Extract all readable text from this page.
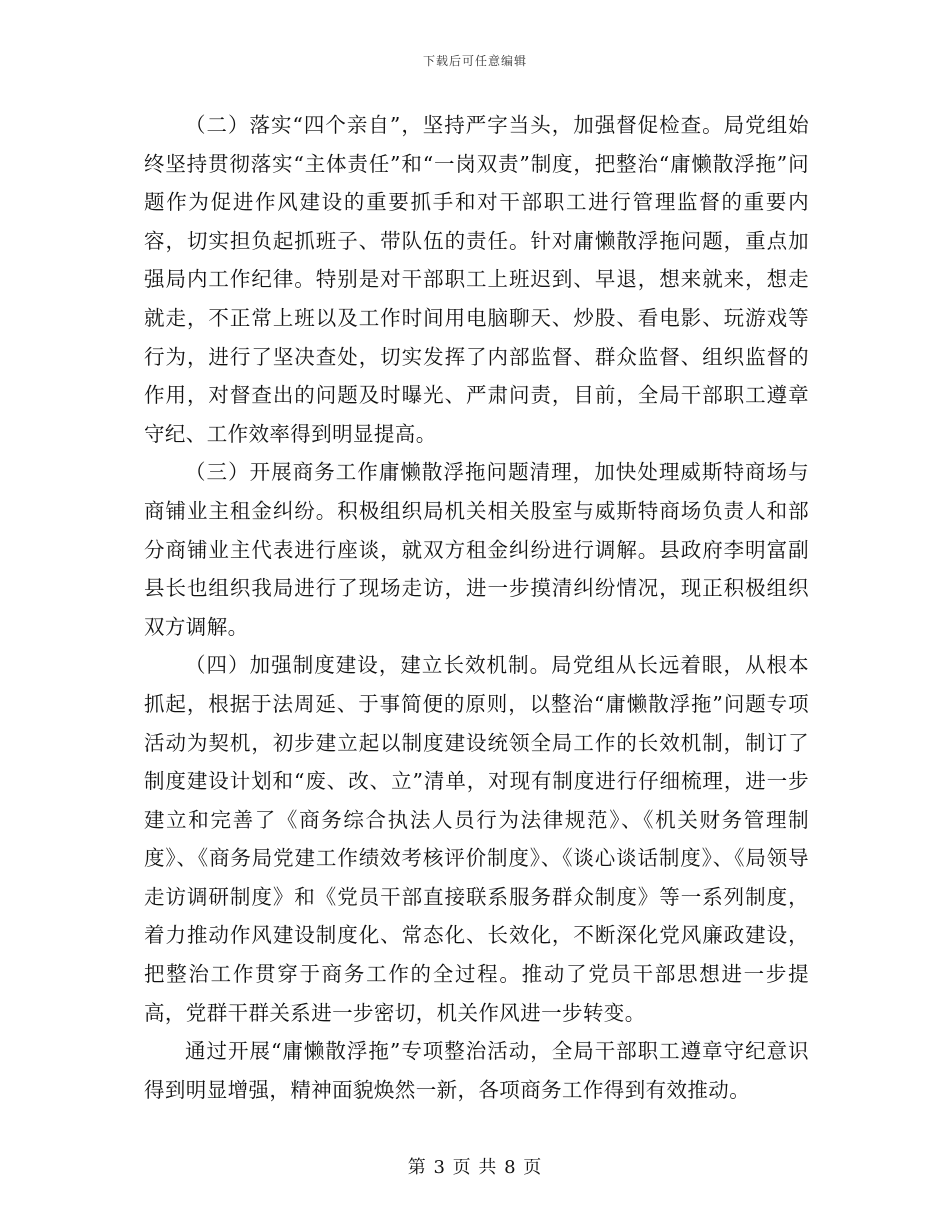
下载后可任意编辑

（二）落实“四个亲自”，坚持严字当头，加强督促检查。局党组始终坚持贯彻落实“主体责任”和“一岗双责”制度，把整治“庸懒散浮拖”问题作为促进作风建设的重要抓手和对干部职工进行管理监督的重要内容，切实担负起抓班子、带队伍的责任。针对庸懒散浮拖问题，重点加强局内工作纪律。特别是对干部职工上班迟到、早退，想来就来，想走就走，不正常上班以及工作时间用电脑聊天、炒股、看电影、玩游戏等行为，进行了坚决查处，切实发挥了内部监督、群众监督、组织监督的作用，对督查出的问题及时曝光、严肃问责，目前，全局干部职工遵章守纪、工作效率得到明显提高。

（三）开展商务工作庸懒散浮拖问题清理，加快处理威斯特商场与商铺业主租金纠纷。积极组织局机关相关股室与威斯特商场负责人和部分商铺业主代表进行座谈，就双方租金纠纷进行调解。县政府李明富副县长也组织我局进行了现场走访，进一步摸清纠纷情况，现正积极组织双方调解。

（四）加强制度建设，建立长效机制。局党组从长远着眼，从根本抓起，根据于法周延、于事简便的原则，以整治“庸懒散浮拖”问题专项活动为契机，初步建立起以制度建设统领全局工作的长效机制，制订了制度建设计划和“废、改、立”清单，对现有制度进行仔细梳理，进一步建立和完善了《商务综合执法人员行为法律规范》、《机关财务管理制度》、《商务局党建工作绩效考核评价制度》、《谈心谈话制度》、《局领导走访调研制度》和《党员干部直接联系服务群众制度》等一系列制度，着力推动作风建设制度化、常态化、长效化，不断深化党风廉政建设，把整治工作贯穿于商务工作的全过程。推动了党员干部思想进一步提高，党群干群关系进一步密切，机关作风进一步转变。

通过开展“庸懒散浮拖”专项整治活动，全局干部职工遵章守纪意识得到明显增强，精神面貌焕然一新，各项商务工作得到有效推动。

第 3 页 共 8 页
